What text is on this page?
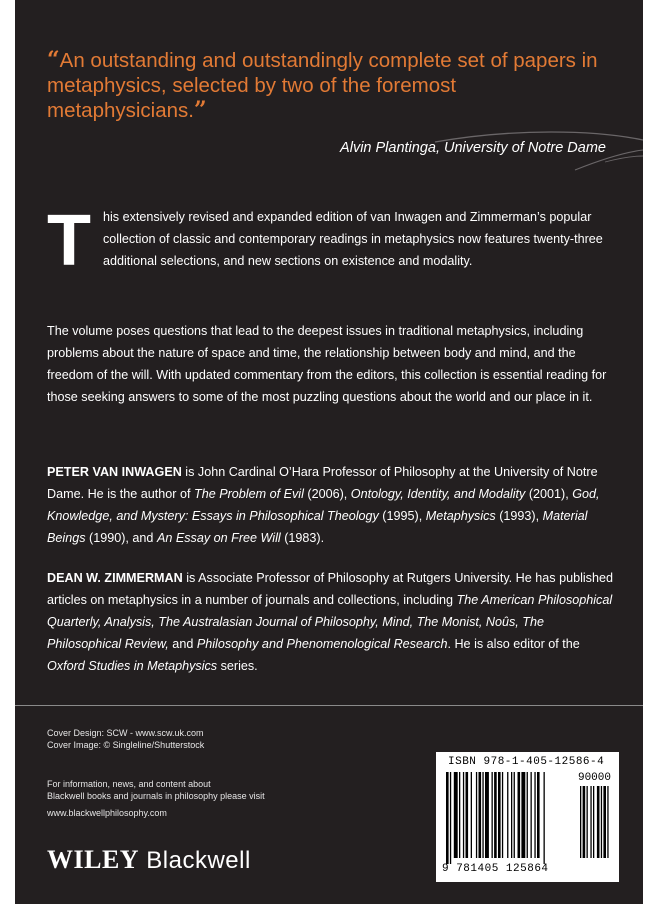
“An outstanding and outstandingly complete set of papers in metaphysics, selected by two of the foremost metaphysicians.”
Alvin Plantinga, University of Notre Dame

This extensively revised and expanded edition of van Inwagen and Zimmerman’s popular collection of classic and contemporary readings in metaphysics now features twenty-three additional selections, and new sections on existence and modality.

The volume poses questions that lead to the deepest issues in traditional metaphysics, including problems about the nature of space and time, the relationship between body and mind, and the freedom of the will. With updated commentary from the editors, this collection is essential reading for those seeking answers to some of the most puzzling questions about the world and our place in it.

PETER VAN INWAGEN is John Cardinal O’Hara Professor of Philosophy at the University of Notre Dame. He is the author of The Problem of Evil (2006), Ontology, Identity, and Modality (2001), God, Knowledge, and Mystery: Essays in Philosophical Theology (1995), Metaphysics (1993), Material Beings (1990), and An Essay on Free Will (1983).

DEAN W. ZIMMERMAN is Associate Professor of Philosophy at Rutgers University. He has published articles on metaphysics in a number of journals and collections, including The American Philosophical Quarterly, Analysis, The Australasian Journal of Philosophy, Mind, The Monist, Noûs, The Philosophical Review, and Philosophy and Phenomenological Research. He is also editor of the Oxford Studies in Metaphysics series.

Cover Design: SCW - www.scw.uk.com
Cover Image: © Singleline/Shutterstock
For information, news, and content about
Blackwell books and journals in philosophy please visit
www.blackwellphilosophy.com
WILEY Blackwell
ISBN 978-1-405-12586-4
90000
9 781405 125864
